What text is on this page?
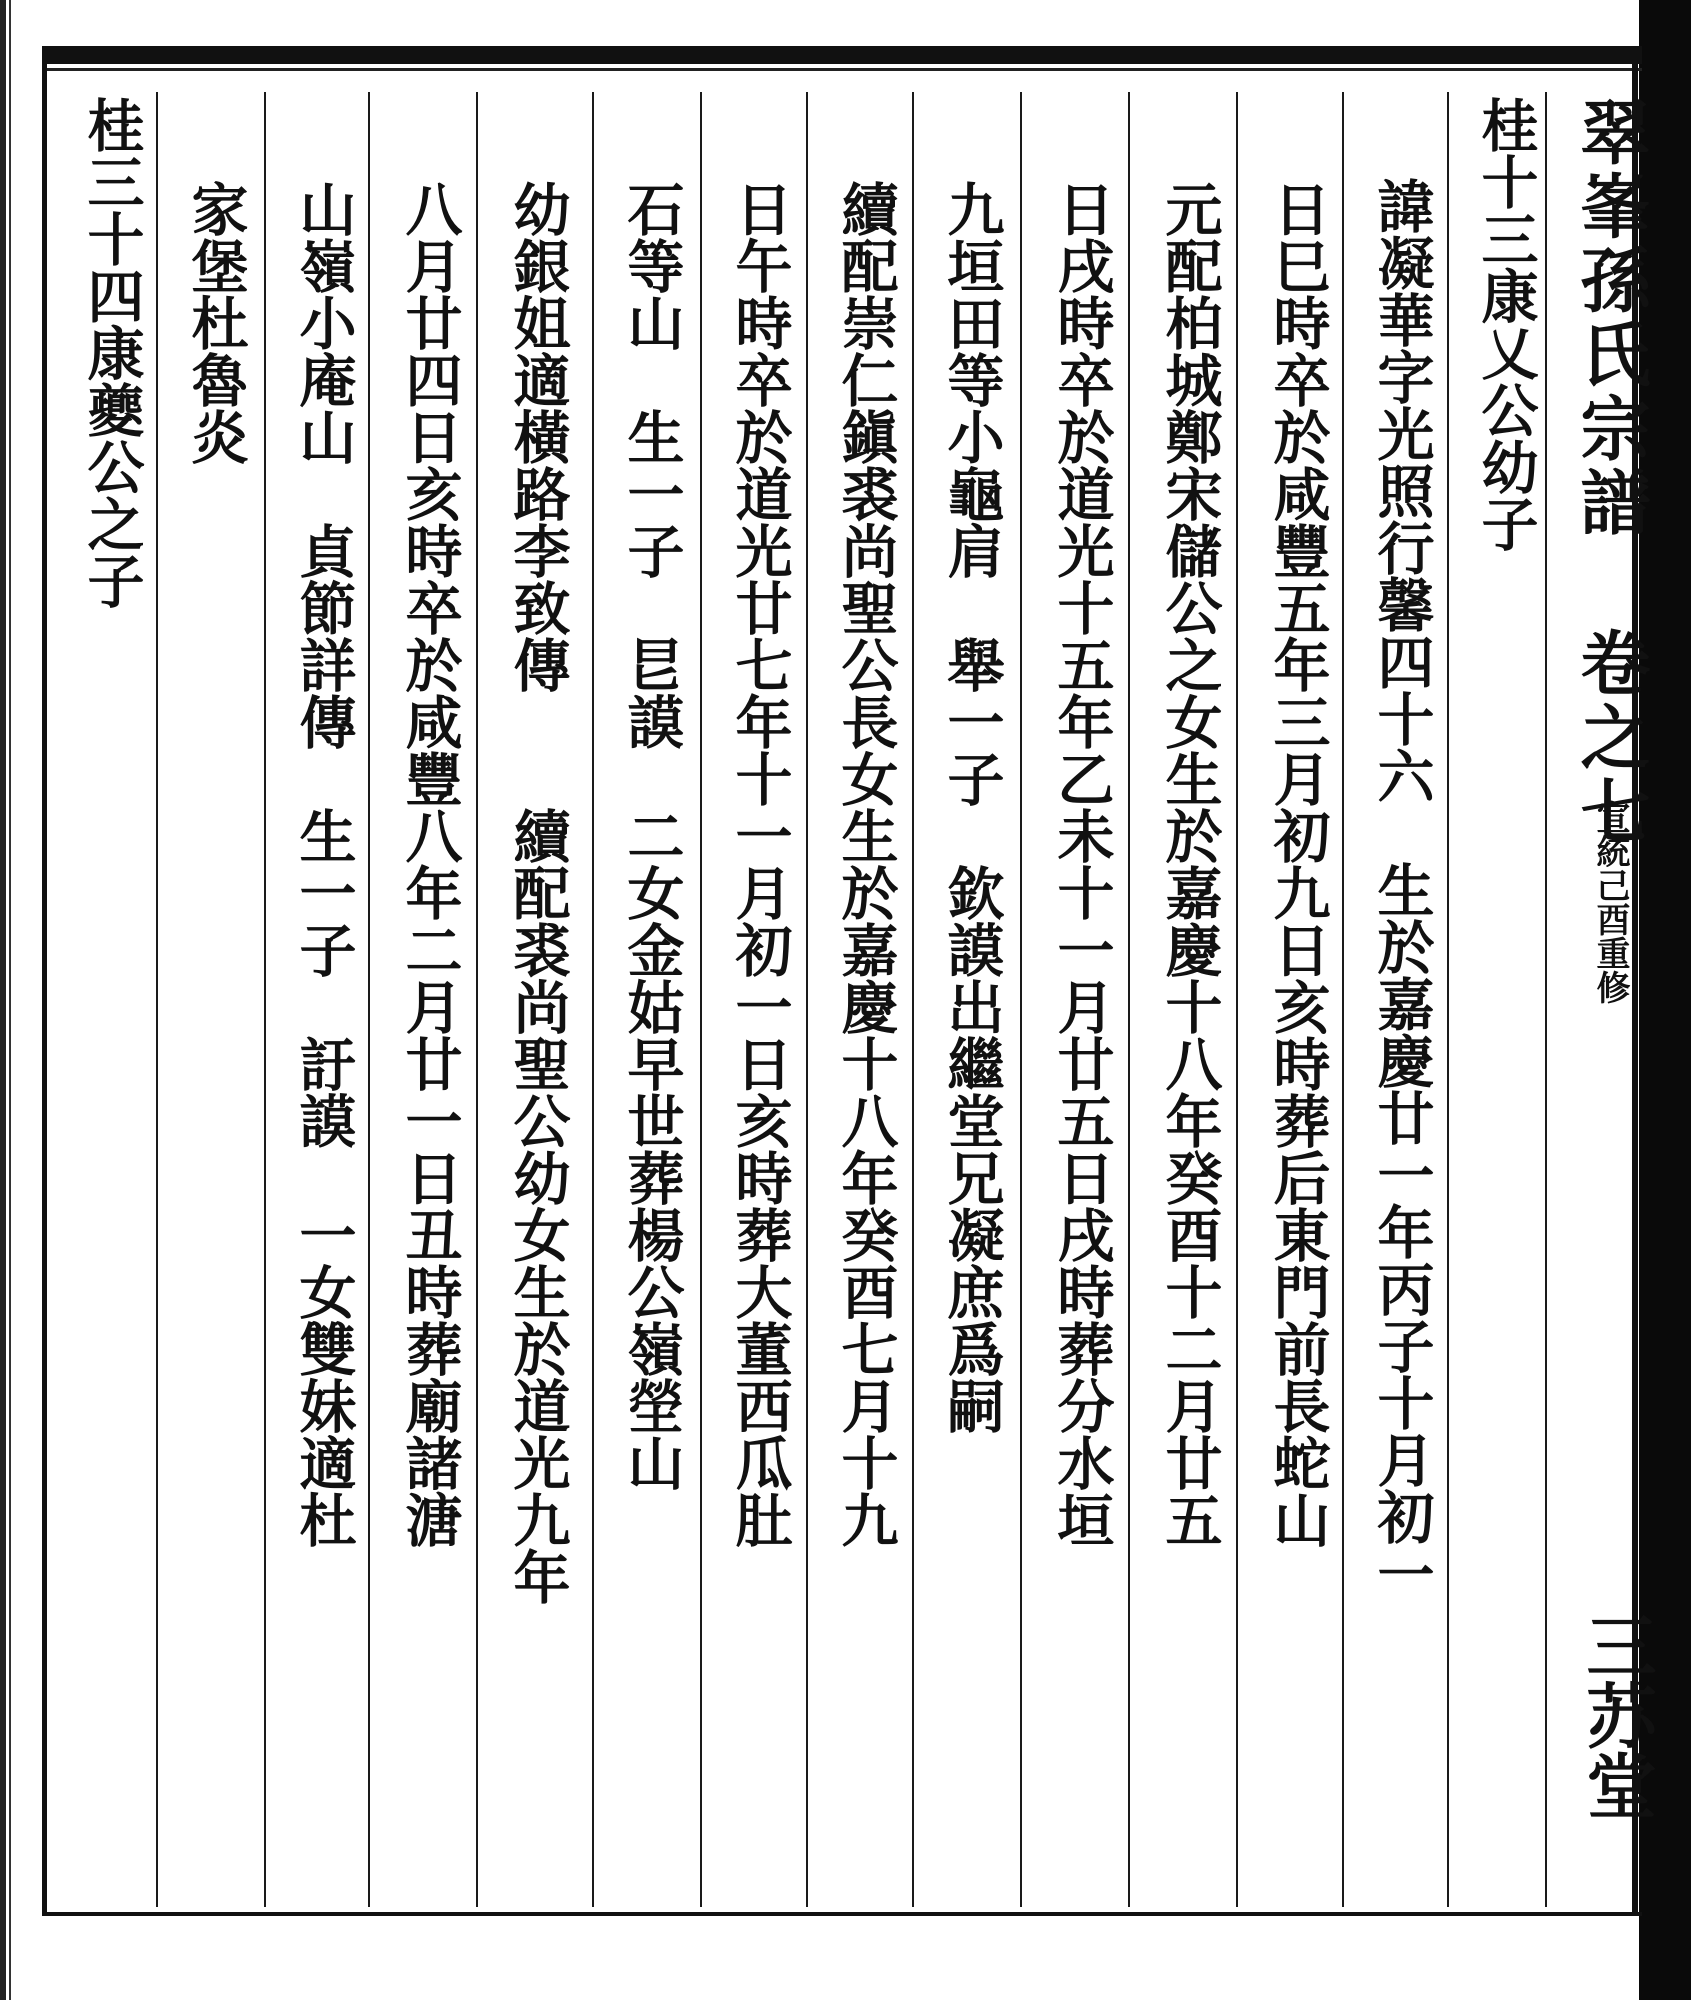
翠峯孫氏宗譜 卷之七
宣統己酉重修
三苏堂
桂十三康乂公幼子
　諱凝華字光照行馨四十六　生於嘉慶廿一年丙子十月初一
日巳時卒於咸豐五年三月初九日亥時葬后東門前長蛇山
元配柏城鄭宋儲公之女生於嘉慶十八年癸酉十二月廿五
日戌時卒於道光十五年乙未十一月廿五日戌時葬分水垣
九垣田等小龜肩　舉一子　欽謨出繼堂兄凝庶爲嗣
續配崇仁鎭裘尚聖公長女生於嘉慶十八年癸酉七月十九
日午時卒於道光廿七年十一月初一日亥時葬大董西瓜肚
石等山　生一子　㫐謨　二女金姑早世葬楊公嶺塋山
幼銀姐適橫路李致傳　　續配裘尚聖公幼女生於道光九年
八月廿四日亥時卒於咸豐八年二月廿一日丑時葬廟諸溏
山嶺小庵山　貞節詳傳　生一子　訏謨　一女雙妹適杜
家堡杜魯炎
桂三十四康夔公之子
